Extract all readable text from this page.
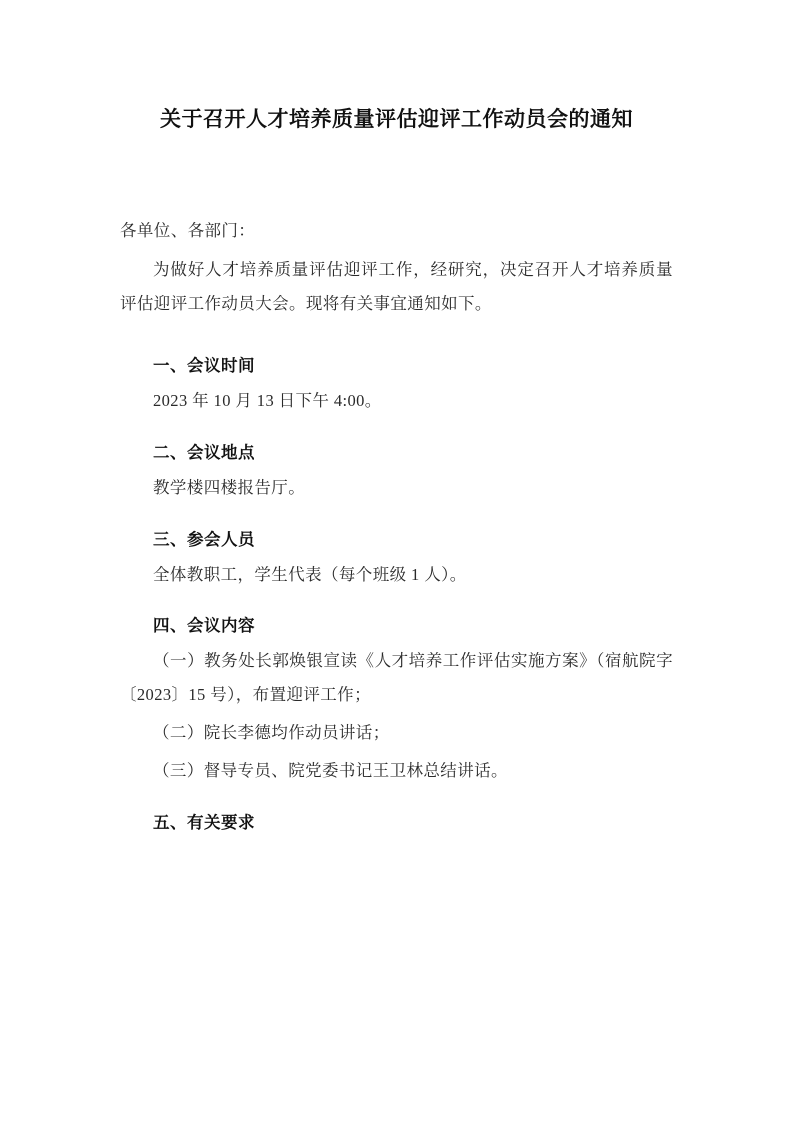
关于召开人才培养质量评估迎评工作动员会的通知

各单位、各部门：

为做好人才培养质量评估迎评工作，经研究，决定召开人才培养质量评估迎评工作动员大会。现将有关事宜通知如下。

一、会议时间

2023 年 10 月 13 日下午 4:00。

二、会议地点

教学楼四楼报告厅。

三、参会人员

全体教职工，学生代表（每个班级 1 人）。

四、会议内容

（一）教务处长郭焕银宣读《人才培养工作评估实施方案》（宿航院字〔2023〕15 号），布置迎评工作；

（二）院长李德均作动员讲话；

（三）督导专员、院党委书记王卫林总结讲话。

五、有关要求
